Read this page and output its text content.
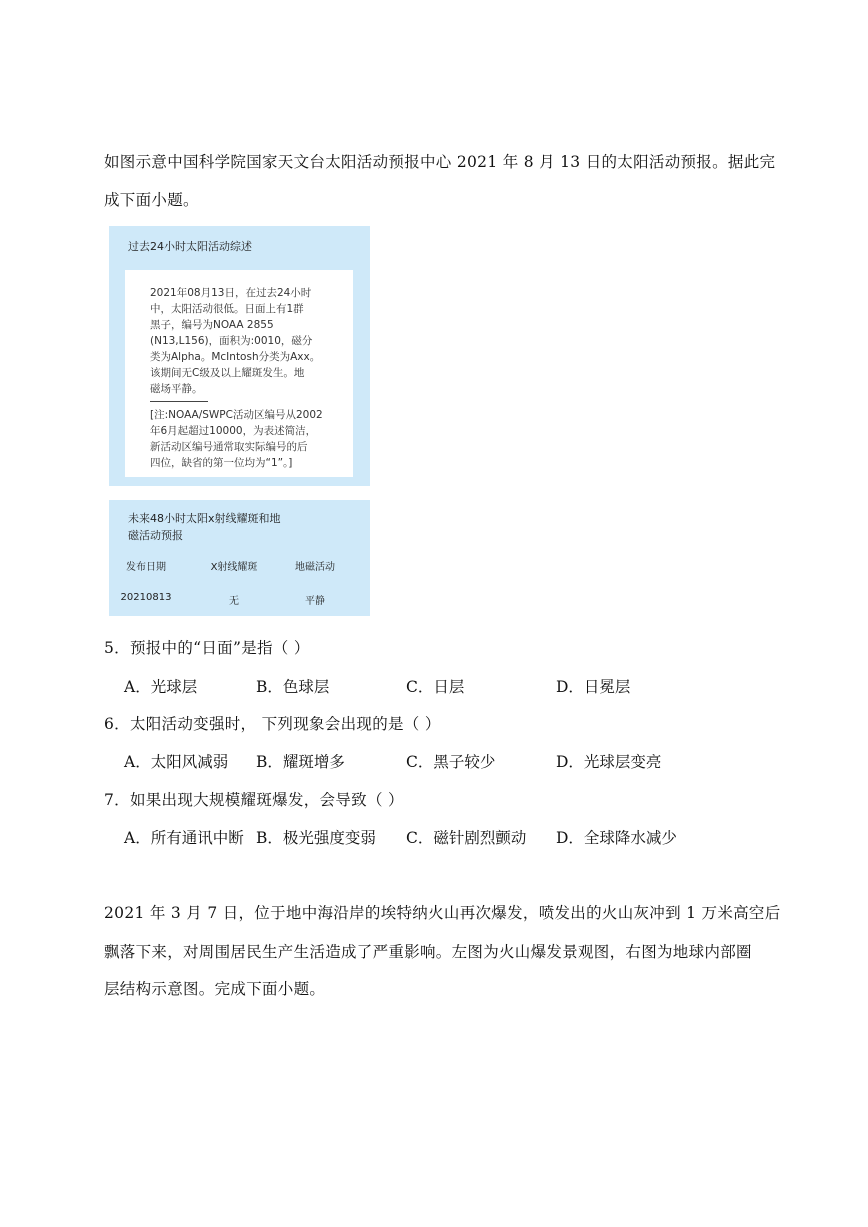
如图示意中国科学院国家天文台太阳活动预报中心 2021 年 8 月 13 日的太阳活动预报。据此完
成下面小题。
过去24小时太阳活动综述

2021年08月13日，在过去24小时
中，太阳活动很低。日面上有1群
黑子，编号为NOAA 2855
(N13,L156)，面积为:0010，磁分
类为Alpha。McIntosh分类为Axx。
该期间无C级及以上耀斑发生。地
磁场平静。

[注:NOAA/SWPC活动区编号从2002
年6月起超过10000，为表述简洁，
新活动区编号通常取实际编号的后
四位，缺省的第一位均为“1”。]

未来48小时太阳x射线耀斑和地
磁活动预报
发布日期	X射线耀斑	地磁活动
20210813	无	平静
5．预报中的“日面”是指（ ）
A．光球层	B．色球层	C．日层	D．日冕层
6．太阳活动变强时， 下列现象会出现的是（ ）
A．太阳风减弱 B．耀斑增多	C．黑子较少	D．光球层变亮
7．如果出现大规模耀斑爆发，会导致（ ）
A．所有通讯中断 B．极光强度变弱 C．磁针剧烈颤动 D．全球降水减少
2021 年 3 月 7 日，位于地中海沿岸的埃特纳火山再次爆发，喷发出的火山灰冲到 1 万米高空后
飘落下来，对周围居民生产生活造成了严重影响。左图为火山爆发景观图，右图为地球内部圈
层结构示意图。完成下面小题。
